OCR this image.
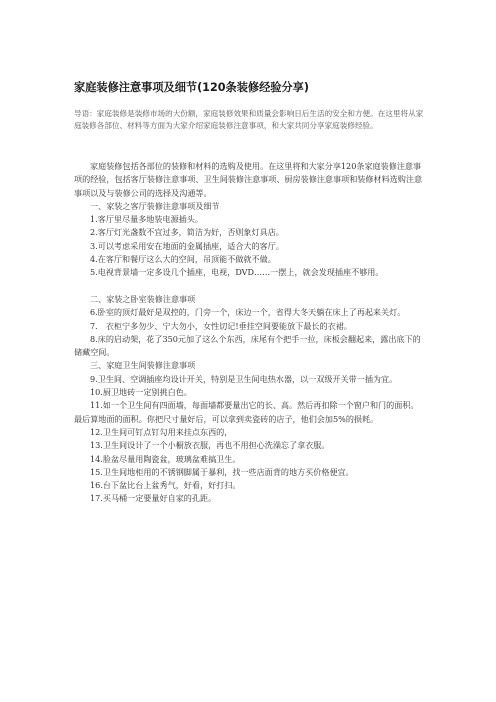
家庭装修注意事项及细节(120条装修经验分享)
导语：家庭装修是装修市场的大份额，家庭装修效果和质量会影响日后生活的安全和方便。在这里将从家庭装修各部位、材料等方面为大家介绍家庭装修注意事项，和大家共同分享家庭装修经验。

家庭装修包括各部位的装修和材料的选购及使用。在这里将和大家分享120条家庭装修注意事项的经验，包括客厅装修注意事项、卫生间装修注意事项、厨房装修注意事项和装修材料选购注意事项以及与装修公司的选择及沟通等。

一、家装之客厅装修注意事项及细节

1.客厅里尽量多地装电源插头。

2.客厅灯光盏数不宜过多，简洁为好，否则象灯具店。

3.可以考虑采用安在地面的金属插座，适合大的客厅。

4.在客厅和餐厅这么大的空间，吊顶能不做就不做。

5.电视背景墙一定多设几个插座，电视，DVD……一摆上，就会发现插座不够用。

二、家装之卧室装修注意事项

6.卧室的顶灯最好是双控的，门旁一个，床边一个，省得大冬天躺在床上了再起来关灯。

7.　衣柜宁多勿少、宁大勿小，女性切记!垂挂空间要能放下最长的衣裙。

8.床的启动架，花了350元加了这么个东西，床尾有个把手一拉，床板会翻起来，露出底下的储藏空间。

三、家庭卫生间装修注意事项

9.卫生间、空调插座均设计开关，特别是卫生间电热水器，以一双级开关带一插为宜。

10.厨卫地砖一定别挑白色。

11.如一个卫生间有四面墙，每面墙都要量出它的长、高。然后再扣除一个窗户和门的面积。最后算地面的面积。你把尺寸量好后，可以拿到卖瓷砖的店子，他们会加5%的损耗。

12.卫生间可钉点钉勾用来挂点东西的，

13.卫生间设计了一个小橱放衣服，再也不用担心洗澡忘了拿衣服。

14.脸盆尽量用陶瓷盆，玻璃盆难搞卫生。

15.卫生间地柜用的不锈钢脚属于暴利，找一些店面背的地方买价格便宜。

16.台下盆比台上盆秀气，好看，好打扫。

17.买马桶一定要量好自家的孔距。
